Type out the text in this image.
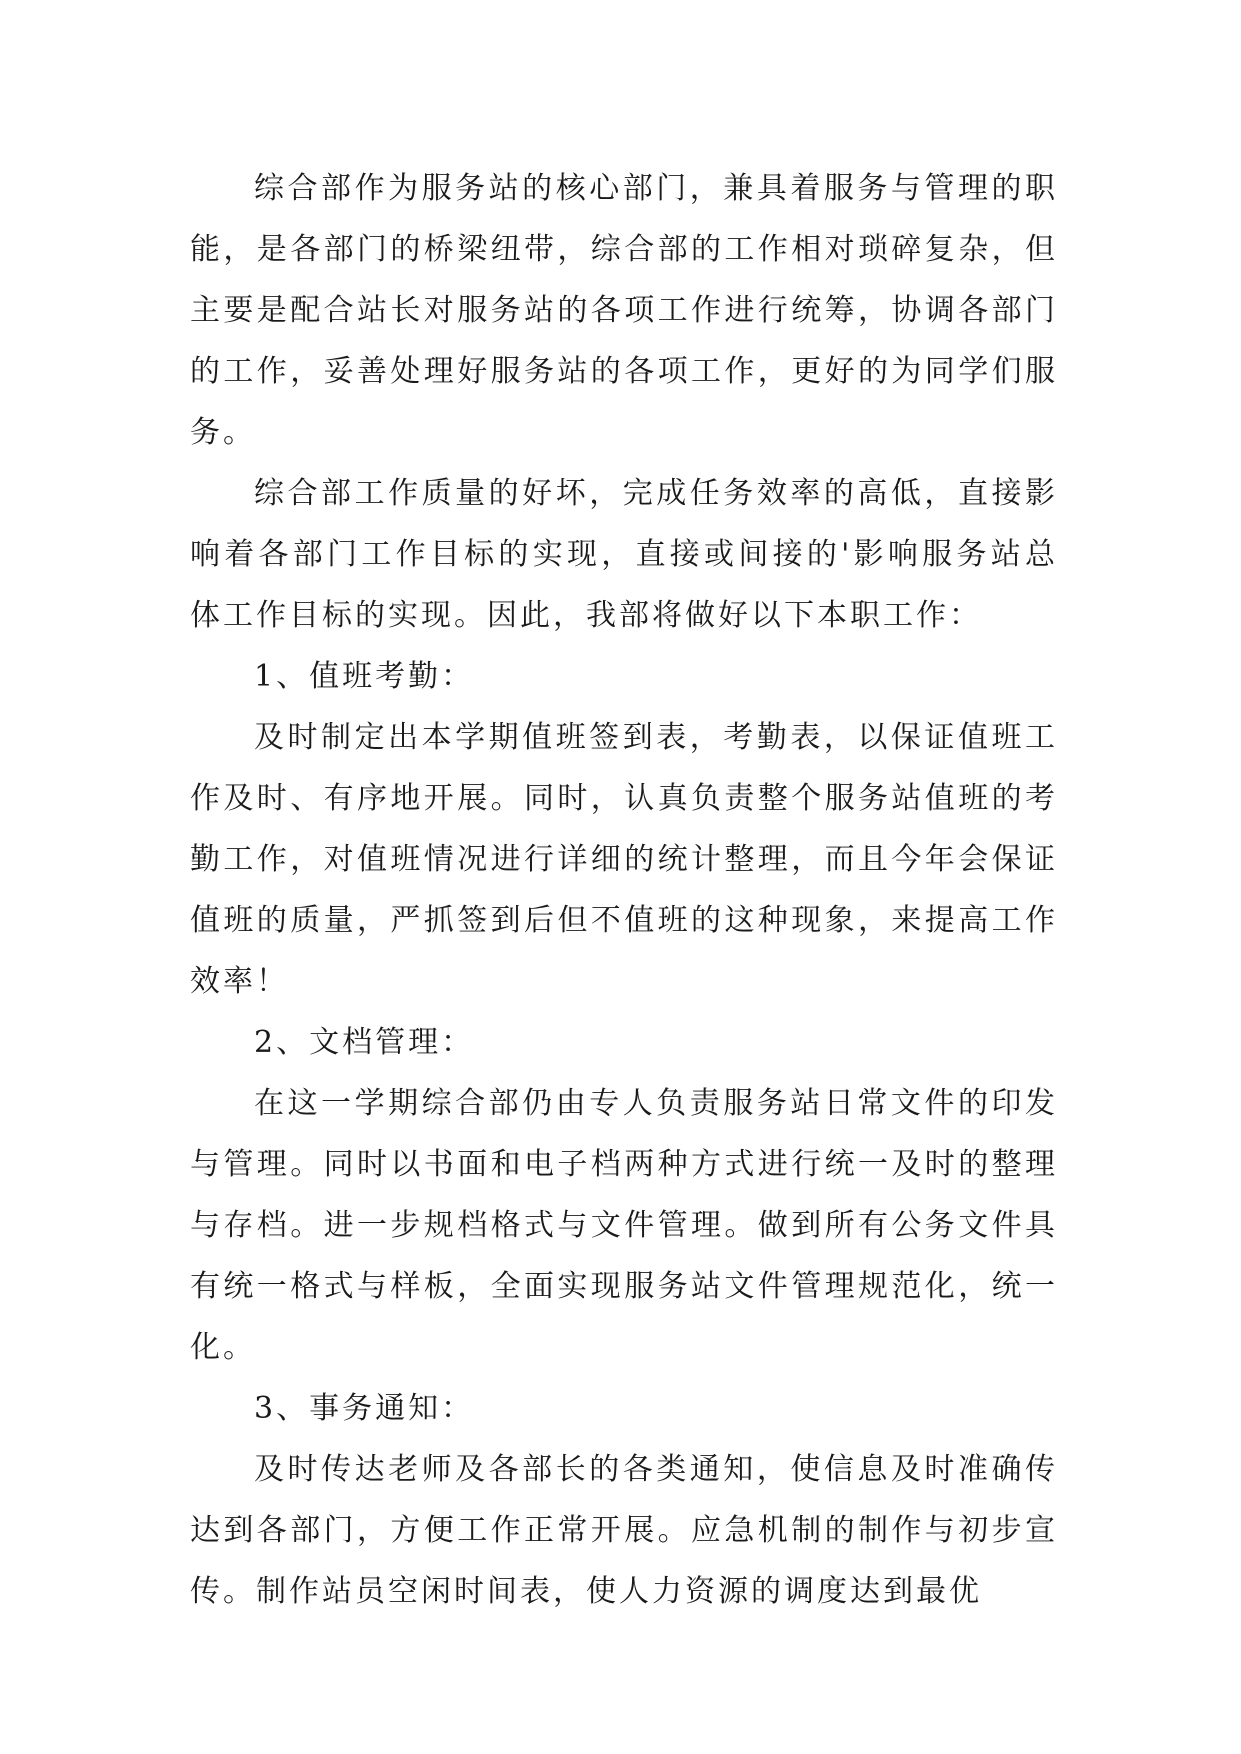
综合部作为服务站的核心部门，兼具着服务与管理的职能，是各部门的桥梁纽带，综合部的工作相对琐碎复杂，但主要是配合站长对服务站的各项工作进行统筹，协调各部门的工作，妥善处理好服务站的各项工作，更好的为同学们服务。

综合部工作质量的好坏，完成任务效率的高低，直接影响着各部门工作目标的实现，直接或间接的'影响服务站总体工作目标的实现。因此，我部将做好以下本职工作：

1、值班考勤：

及时制定出本学期值班签到表，考勤表，以保证值班工作及时、有序地开展。同时，认真负责整个服务站值班的考勤工作，对值班情况进行详细的统计整理，而且今年会保证值班的质量，严抓签到后但不值班的这种现象，来提高工作效率！

2、文档管理：

在这一学期综合部仍由专人负责服务站日常文件的印发与管理。同时以书面和电子档两种方式进行统一及时的整理与存档。进一步规档格式与文件管理。做到所有公务文件具有统一格式与样板，全面实现服务站文件管理规范化，统一化。

3、事务通知：

及时传达老师及各部长的各类通知，使信息及时准确传达到各部门，方便工作正常开展。应急机制的制作与初步宣传。制作站员空闲时间表，使人力资源的调度达到最优
